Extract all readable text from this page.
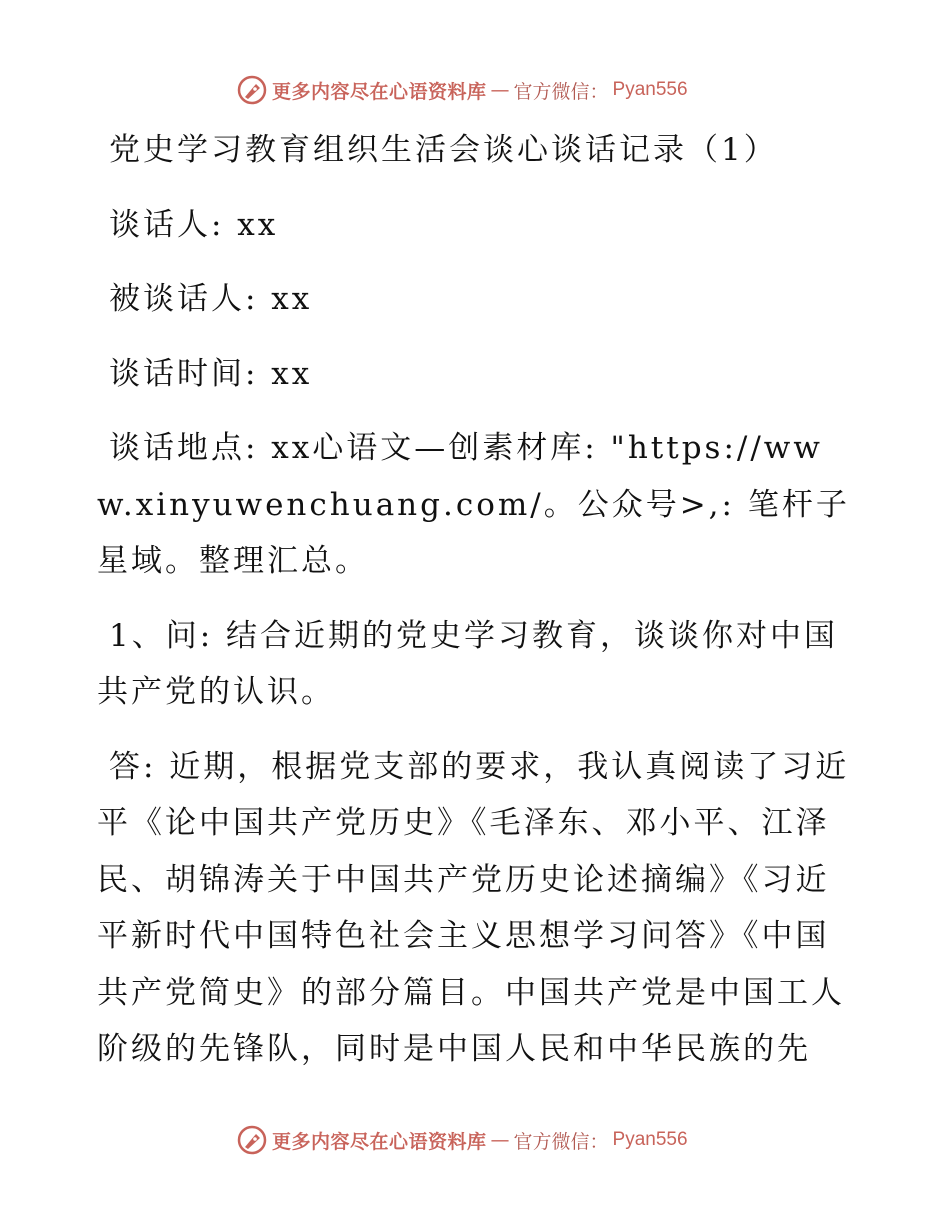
更多内容尽在心语资料库 — 官方微信： Pyan556

党史学习教育组织生活会谈心谈话记录（1）

谈话人: xx

被谈话人: xx

谈话时间: xx

谈话地点: xx心语文—创素材库: "https://www.xinyuwenchuang.com/。公众号>,: 笔杆子星域。整理汇总。

1、问: 结合近期的党史学习教育，谈谈你对中国共产党的认识。

答: 近期，根据党支部的要求，我认真阅读了习近平《论中国共产党历史》《毛泽东、邓小平、江泽民、胡锦涛关于中国共产党历史论述摘编》《习近平新时代中国特色社会主义思想学习问答》《中国共产党简史》的部分篇目。中国共产党是中国工人阶级的先锋队，同时是中国人民和中华民族的先

更多内容尽在心语资料库 — 官方微信： Pyan556
